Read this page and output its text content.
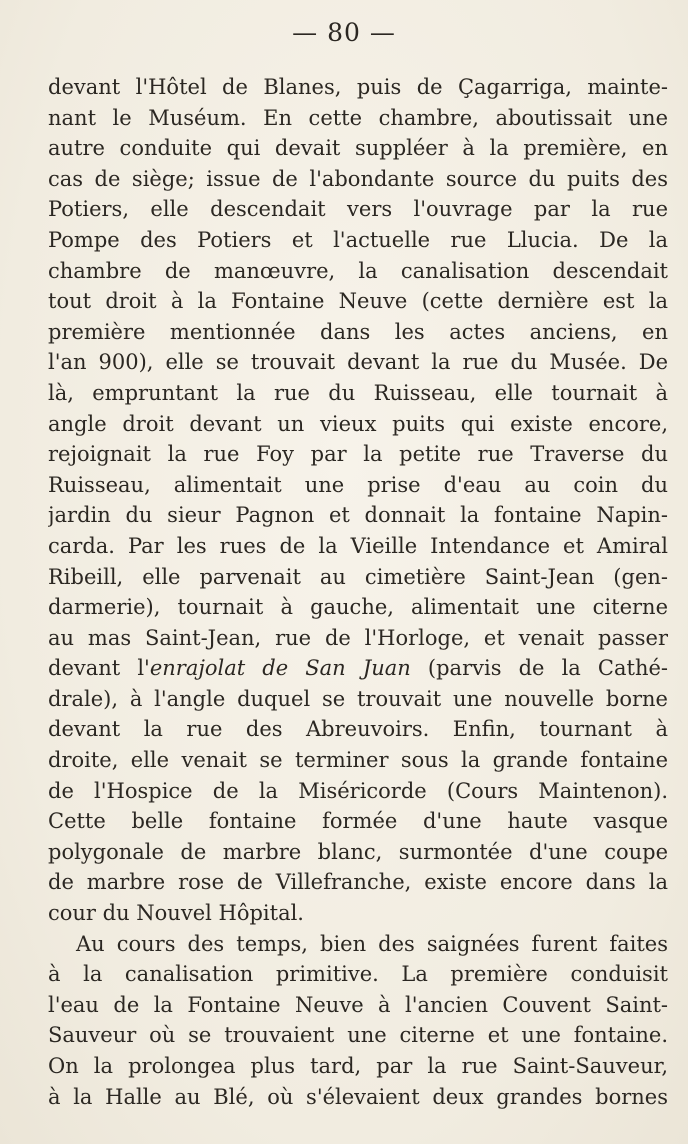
— 80 —
devant l'Hôtel de Blanes, puis de Çagarriga, mainte-
nant le Muséum. En cette chambre, aboutissait une
autre conduite qui devait suppléer à la première, en
cas de siège; issue de l'abondante source du puits des
Potiers, elle descendait vers l'ouvrage par la rue
Pompe des Potiers et l'actuelle rue Llucia. De la
chambre de manœuvre, la canalisation descendait
tout droit à la Fontaine Neuve (cette dernière est la
première mentionnée dans les actes anciens, en
l'an 900), elle se trouvait devant la rue du Musée. De
là, empruntant la rue du Ruisseau, elle tournait à
angle droit devant un vieux puits qui existe encore,
rejoignait la rue Foy par la petite rue Traverse du
Ruisseau, alimentait une prise d'eau au coin du
jardin du sieur Pagnon et donnait la fontaine Napin-
carda. Par les rues de la Vieille Intendance et Amiral
Ribeill, elle parvenait au cimetière Saint-Jean (gen-
darmerie), tournait à gauche, alimentait une citerne
au mas Saint-Jean, rue de l'Horloge, et venait passer
devant l'enrajolat de San Juan (parvis de la Cathé-
drale), à l'angle duquel se trouvait une nouvelle borne
devant la rue des Abreuvoirs. Enfin, tournant à
droite, elle venait se terminer sous la grande fontaine
de l'Hospice de la Miséricorde (Cours Maintenon).
Cette belle fontaine formée d'une haute vasque
polygonale de marbre blanc, surmontée d'une coupe
de marbre rose de Villefranche, existe encore dans la
cour du Nouvel Hôpital.
Au cours des temps, bien des saignées furent faites
à la canalisation primitive. La première conduisit
l'eau de la Fontaine Neuve à l'ancien Couvent Saint-
Sauveur où se trouvaient une citerne et une fontaine.
On la prolongea plus tard, par la rue Saint-Sauveur,
à la Halle au Blé, où s'élevaient deux grandes bornes
